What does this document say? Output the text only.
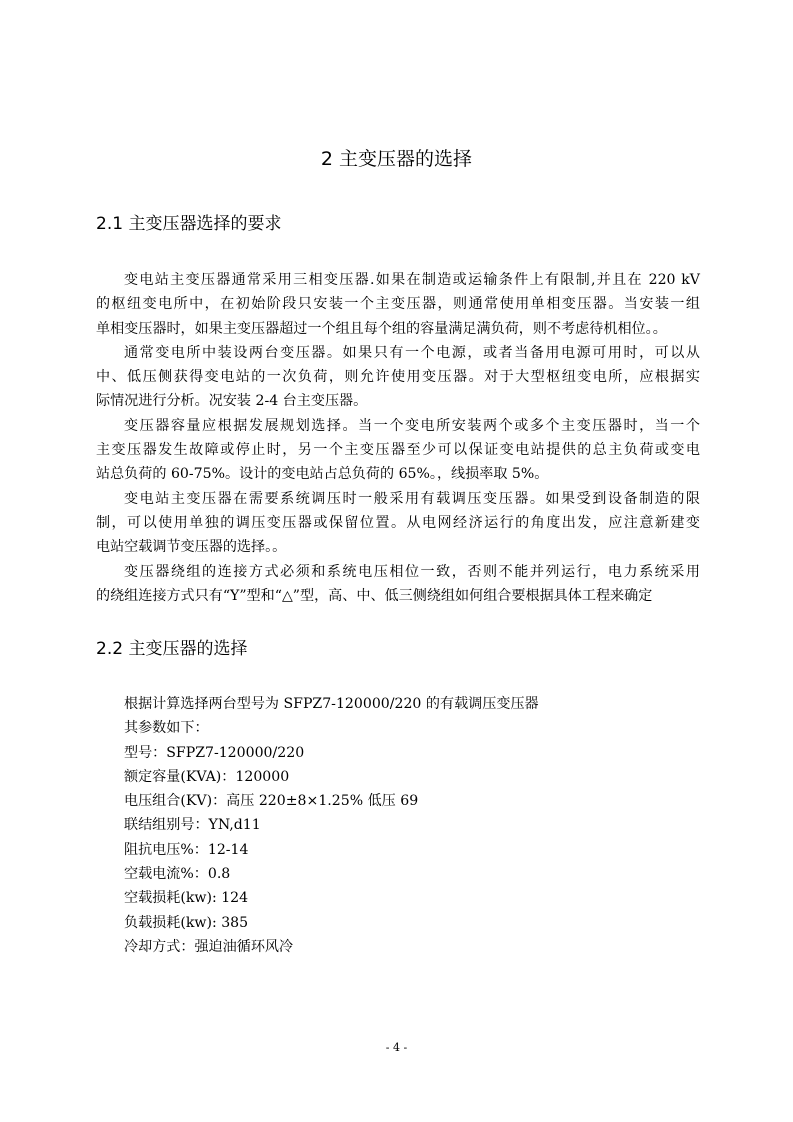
2 主变压器的选择
2.1 主变压器选择的要求
变电站主变压器通常采用三相变压器.如果在制造或运输条件上有限制,并且在 220 kV
的枢纽变电所中，在初始阶段只安装一个主变压器，则通常使用单相变压器。当安装一组
单相变压器时，如果主变压器超过一个组且每个组的容量满足满负荷，则不考虑待机相位。。
通常变电所中装设两台变压器。如果只有一个电源，或者当备用电源可用时，可以从
中、低压侧获得变电站的一次负荷，则允许使用变压器。对于大型枢纽变电所，应根据实
际情况进行分析。况安装 2-4 台主变压器。
变压器容量应根据发展规划选择。当一个变电所安装两个或多个主变压器时，当一个
主变压器发生故障或停止时，另一个主变压器至少可以保证变电站提供的总主负荷或变电
站总负荷的 60-75%。设计的变电站占总负荷的 65%。，线损率取 5%。
变电站主变压器在需要系统调压时一般采用有载调压变压器。如果受到设备制造的限
制，可以使用单独的调压变压器或保留位置。从电网经济运行的角度出发，应注意新建变
电站空载调节变压器的选择。。
变压器绕组的连接方式必须和系统电压相位一致，否则不能并列运行，电力系统采用
的绕组连接方式只有“Y”型和“△”型，高、中、低三侧绕组如何组合要根据具体工程来确定
2.2 主变压器的选择
根据计算选择两台型号为 SFPZ7-120000/220 的有载调压变压器
其参数如下：
型号：SFPZ7-120000/220
额定容量(KVA)：120000
电压组合(KV)：高压 220±8×1.25% 低压 69
联结组别号：YN,d11
阻抗电压%：12-14
空载电流%：0.8
空载损耗(kw): 124
负载损耗(kw): 385
冷却方式：强迫油循环风冷
- 4 -
